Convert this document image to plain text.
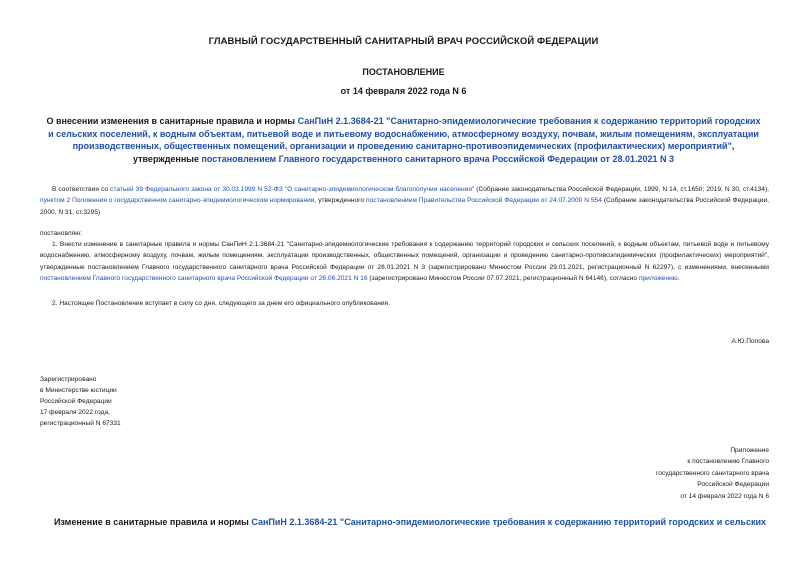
ГЛАВНЫЙ ГОСУДАРСТВЕННЫЙ САНИТАРНЫЙ ВРАЧ РОССИЙСКОЙ ФЕДЕРАЦИИ
ПОСТАНОВЛЕНИЕ
от 14 февраля 2022 года N 6
О внесении изменения в санитарные правила и нормы СанПиН 2.1.3684-21 "Санитарно-эпидемиологические требования к содержанию территорий городских и сельских поселений, к водным объектам, питьевой воде и питьевому водоснабжению, атмосферному воздуху, почвам, жилым помещениям, эксплуатации производственных, общественных помещений, организации и проведению санитарно-противоэпидемических (профилактических) мероприятий", утвержденные постановлением Главного государственного санитарного врача Российской Федерации от 28.01.2021 N 3
В соответствии со статьей 39 Федерального закона от 30.03.1999 N 52-ФЗ "О санитарно-эпидемиологическом благополучии населения" (Собрание законодательства Российской Федерации, 1999, N 14, ст.1650; 2019, N 30, ст.4134), пунктом 2 Положения о государственном санитарно-эпидемиологическом нормировании, утвержденного постановлением Правительства Российской Федерации от 24.07.2000 N 554 (Собрание законодательства Российской Федерации, 2000, N 31, ст.3295)
постановляю:
1. Внести изменение в санитарные правила и нормы СанПиН 2.1.3684-21 "Санитарно-эпидемиологические требования к содержанию территорий городских и сельских поселений, к водным объектам, питьевой воде и питьевому водоснабжению, атмосферному воздуху, почвам, жилым помещениям, эксплуатации производственных, общественных помещений, организации и проведению санитарно-противоэпидемических (профилактических) мероприятий", утвержденные постановлением Главного государственного санитарного врача Российской Федерации от 28.01.2021 N 3 (зарегистрировано Минюстом России 29.01.2021, регистрационный N 62297), с изменениями, внесенными постановлением Главного государственного санитарного врача Российской Федерации от 26.06.2021 N 16 (зарегистрировано Минюстом России 07.07.2021, регистрационный N 64146), согласно приложению.
2. Настоящее Постановление вступает в силу со дня, следующего за днем его официального опубликования.
А.Ю.Попова
Зарегистрировано
в Министерстве юстиции
Российской Федерации
17 февраля 2022 года,
регистрационный N 67331
Приложение
к постановлению Главного
государственного санитарного врача
Российской Федерации
от 14 февраля 2022 года N 6
Изменение в санитарные правила и нормы СанПиН 2.1.3684-21 "Санитарно-эпидемиологические требования к содержанию территорий городских и сельских
